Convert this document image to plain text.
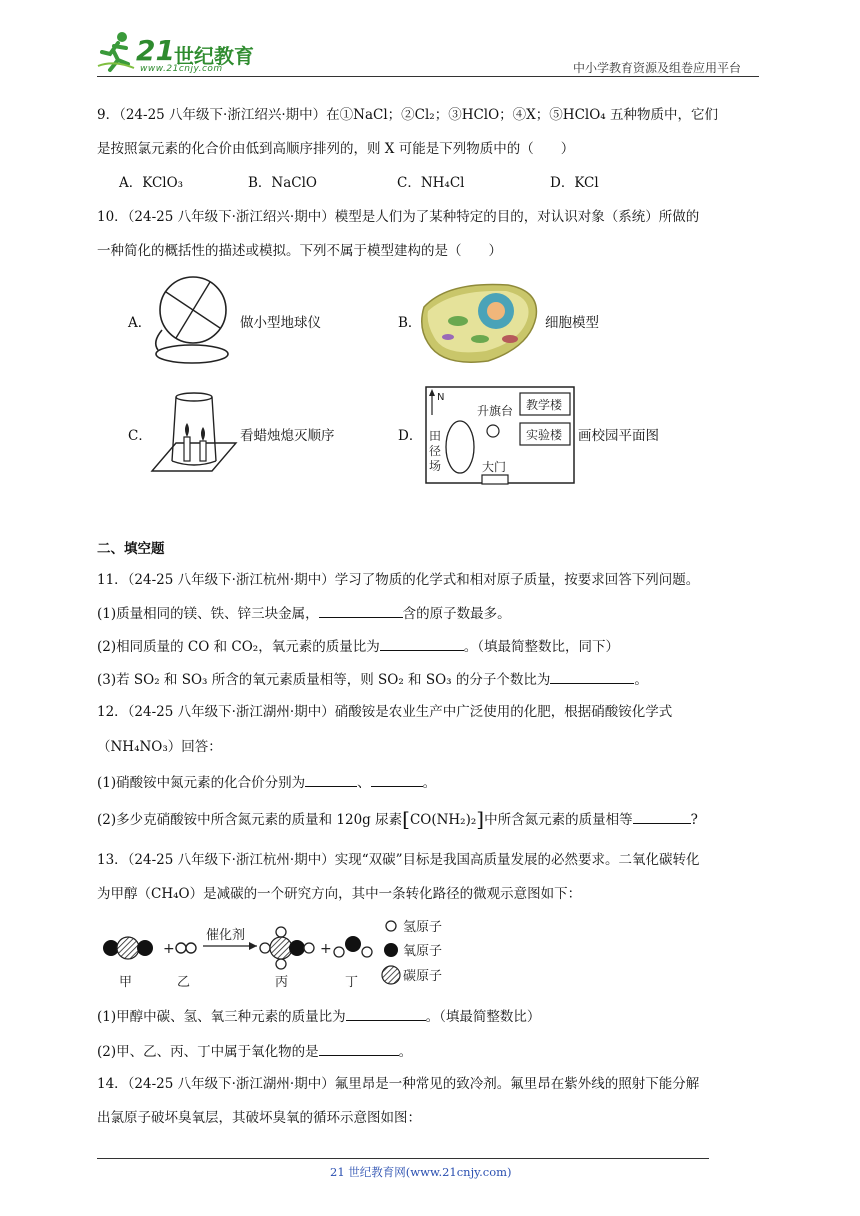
21 世纪教育
www.21cnjy.com	中小学教育资源及组卷应用平台
9．（24-25 八年级下·浙江绍兴·期中）在①NaCl；②Cl₂；③HClO；④X；⑤HClO₄ 五种物质中，它们
是按照氯元素的化合价由低到高顺序排列的，则 X 可能是下列物质中的（　　）
A．KClO₃	B．NaClO	C．NH₄Cl	D．KCl
10．（24-25 八年级下·浙江绍兴·期中）模型是人们为了某种特定的目的，对认识对象（系统）所做的
一种简化的概括性的描述或模拟。下列不属于模型建构的是（　　）
A．	做小型地球仪	B．	细胞模型
C．	看蜡烛熄灭顺序	D．
N
升旗台 教学楼
实验楼
田
径
场	大门
画校园平面图
二、填空题
11．（24-25 八年级下·浙江杭州·期中）学习了物质的化学式和相对原子质量，按要求回答下列问题。
(1)质量相同的镁、铁、锌三块金属，	含的原子数最多。
(2)相同质量的 CO 和 CO₂，氧元素的质量比为	。（填最简整数比，同下）
(3)若 SO₂ 和 SO₃ 所含的氧元素质量相等，则 SO₂ 和 SO₃ 的分子个数比为	。
12．（24-25 八年级下·浙江湖州·期中）硝酸铵是农业生产中广泛使用的化肥，根据硝酸铵化学式
（NH₄NO₃）回答：
(1)硝酸铵中氮元素的化合价分别为	、	。
(2)多少克硝酸铵中所含氮元素的质量和 120g 尿素[CO(NH₂)₂]中所含氮元素的质量相等	?
13．（24-25 八年级下·浙江杭州·期中）实现“双碳”目标是我国高质量发展的必然要求。二氧化碳转化
为甲醇（CH₄O）是减碳的一个研究方向，其中一条转化路径的微观示意图如下：
+
催化剂
+
甲	乙	丙	丁
氢原子
氧原子
碳原子
(1)甲醇中碳、氢、氧三种元素的质量比为	。（填最简整数比）
(2)甲、乙、丙、丁中属于氧化物的是	。
14．（24-25 八年级下·浙江湖州·期中）氟里昂是一种常见的致冷剂。氟里昂在紫外线的照射下能分解
出氯原子破坏臭氧层，其破坏臭氧的循环示意图如图：
21 世纪教育网(www.21cnjy.com)
